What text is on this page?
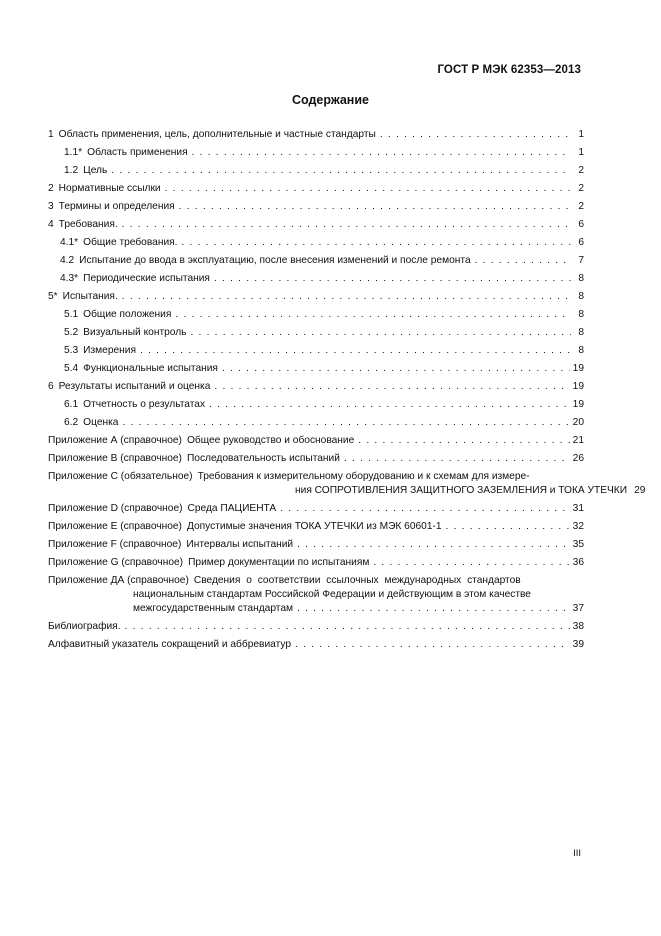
ГОСТ Р МЭК 62353—2013
Содержание
1 Область применения, цель, дополнительные и частные стандарты . . .	1
1.1* Область применения . . .	1
1.2 Цель . . .	2
2 Нормативные ссылки . . .	2
3 Термины и определения . . .	2
4 Требования. . . .	6
4.1* Общие требования. . . .	6
4.2 Испытание до ввода в эксплуатацию, после внесения изменений и после ремонта . . .	7
4.3* Периодические испытания . . .	8
5* Испытания. . . .	8
5.1 Общие положения . . .	8
5.2 Визуальный контроль . . .	8
5.3 Измерения . . .	8
5.4 Функциональные испытания . . .	19
6 Результаты испытаний и оценка . . .	19
6.1 Отчетность о результатах . . .	19
6.2 Оценка . . .	20
Приложение А (справочное) Общее руководство и обоснование . . .	21
Приложение В (справочное) Последовательность испытаний . . .	26
Приложение С (обязательное) Требования к измерительному оборудованию и к схемам для измере-
ния СОПРОТИВЛЕНИЯ ЗАЩИТНОГО ЗАЗЕМЛЕНИЯ и ТОКА УТЕЧКИ 29
Приложение D (справочное) Среда ПАЦИЕНТА . . .	31
Приложение Е (справочное) Допустимые значения ТОКА УТЕЧКИ из МЭК 60601-1 . . .	32
Приложение F (справочное) Интервалы испытаний . . .	35
Приложение G (справочное) Пример документации по испытаниям . . .	36
Приложение ДА (справочное) Сведения о соответствии ссылочных международных стандартов
национальным стандартам Российской Федерации и действующим в этом качестве
межгосударственным стандартам . . .	37
Библиография. . . .	38
Алфавитный указатель сокращений и аббревиатур . . .	39
III
